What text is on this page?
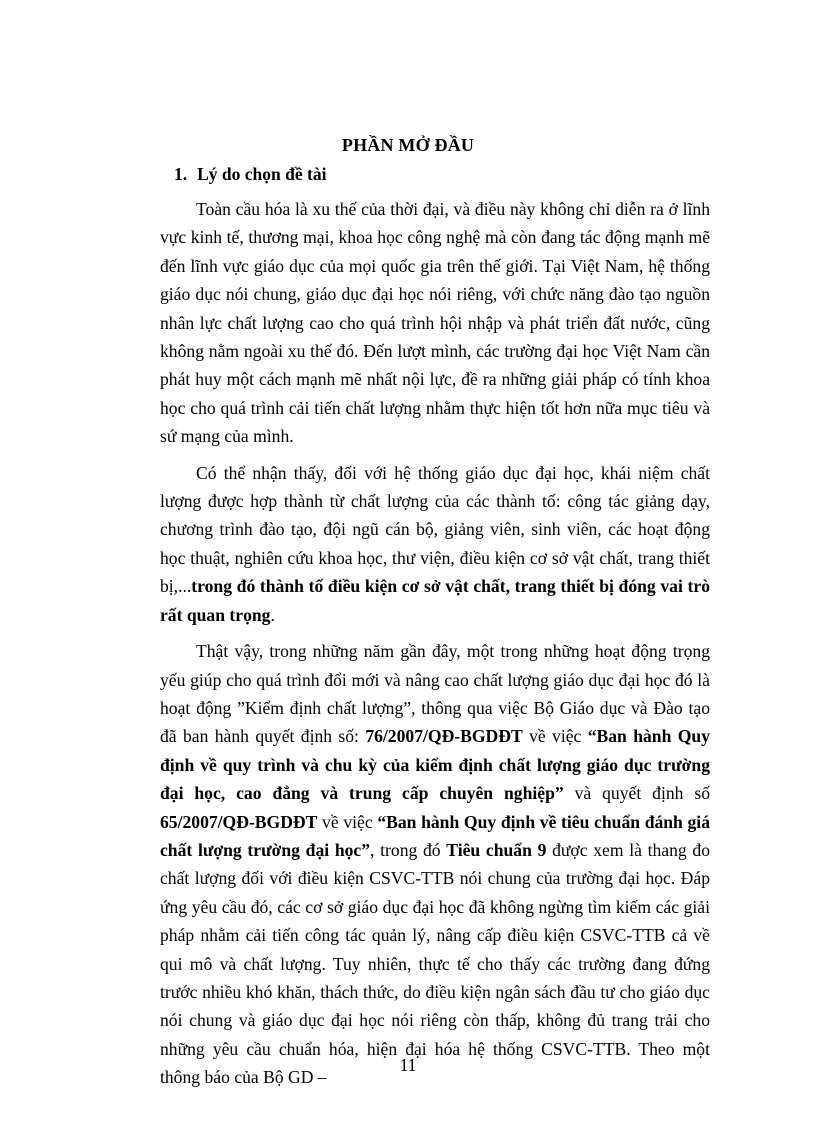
PHẦN MỞ ĐẦU
1. Lý do chọn đề tài

Toàn cầu hóa là xu thế của thời đại, và điều này không chỉ diễn ra ở lĩnh vực kinh tế, thương mại, khoa học công nghệ mà còn đang tác động mạnh mẽ đến lĩnh vực giáo dục của mọi quốc gia trên thế giới. Tại Việt Nam, hệ thống giáo dục nói chung, giáo dục đại học nói riêng, với chức năng đào tạo nguồn nhân lực chất lượng cao cho quá trình hội nhập và phát triển đất nước, cũng không nằm ngoài xu thế đó. Đến lượt mình, các trường đại học Việt Nam cần phát huy một cách mạnh mẽ nhất nội lực, đề ra những giải pháp có tính khoa học cho quá trình cải tiến chất lượng nhằm thực hiện tốt hơn nữa mục tiêu và sứ mạng của mình.

Có thể nhận thấy, đối với hệ thống giáo dục đại học, khái niệm chất lượng được hợp thành từ chất lượng của các thành tố: công tác giảng dạy, chương trình đào tạo, đội ngũ cán bộ, giảng viên, sinh viên, các hoạt động học thuật, nghiên cứu khoa học, thư viện, điều kiện cơ sở vật chất, trang thiết bị,...trong đó thành tố điều kiện cơ sở vật chất, trang thiết bị đóng vai trò rất quan trọng.

Thật vậy, trong những năm gần đây, một trong những hoạt động trọng yếu giúp cho quá trình đổi mới và nâng cao chất lượng giáo dục đại học đó là hoạt động ”Kiểm định chất lượng”, thông qua việc Bộ Giáo dục và Đào tạo đã ban hành quyết định số: 76/2007/QĐ-BGDĐT về việc “Ban hành Quy định về quy trình và chu kỳ của kiểm định chất lượng giáo dục trường đại học, cao đẳng và trung cấp chuyên nghiệp” và quyết định số 65/2007/QĐ-BGDĐT về việc “Ban hành Quy định về tiêu chuẩn đánh giá chất lượng trường đại học”, trong đó Tiêu chuẩn 9 được xem là thang đo chất lượng đối với điều kiện CSVC-TTB nói chung của trường đại học. Đáp ứng yêu cầu đó, các cơ sở giáo dục đại học đã không ngừng tìm kiếm các giải pháp nhằm cải tiến công tác quản lý, nâng cấp điều kiện CSVC-TTB cả về qui mô và chất lượng. Tuy nhiên, thực tế cho thấy các trường đang đứng trước nhiều khó khăn, thách thức, do điều kiện ngân sách đầu tư cho giáo dục nói chung và giáo dục đại học nói riêng còn thấp, không đủ trang trải cho những yêu cầu chuẩn hóa, hiện đại hóa hệ thống CSVC-TTB. Theo một thông báo của Bộ GD –

11
